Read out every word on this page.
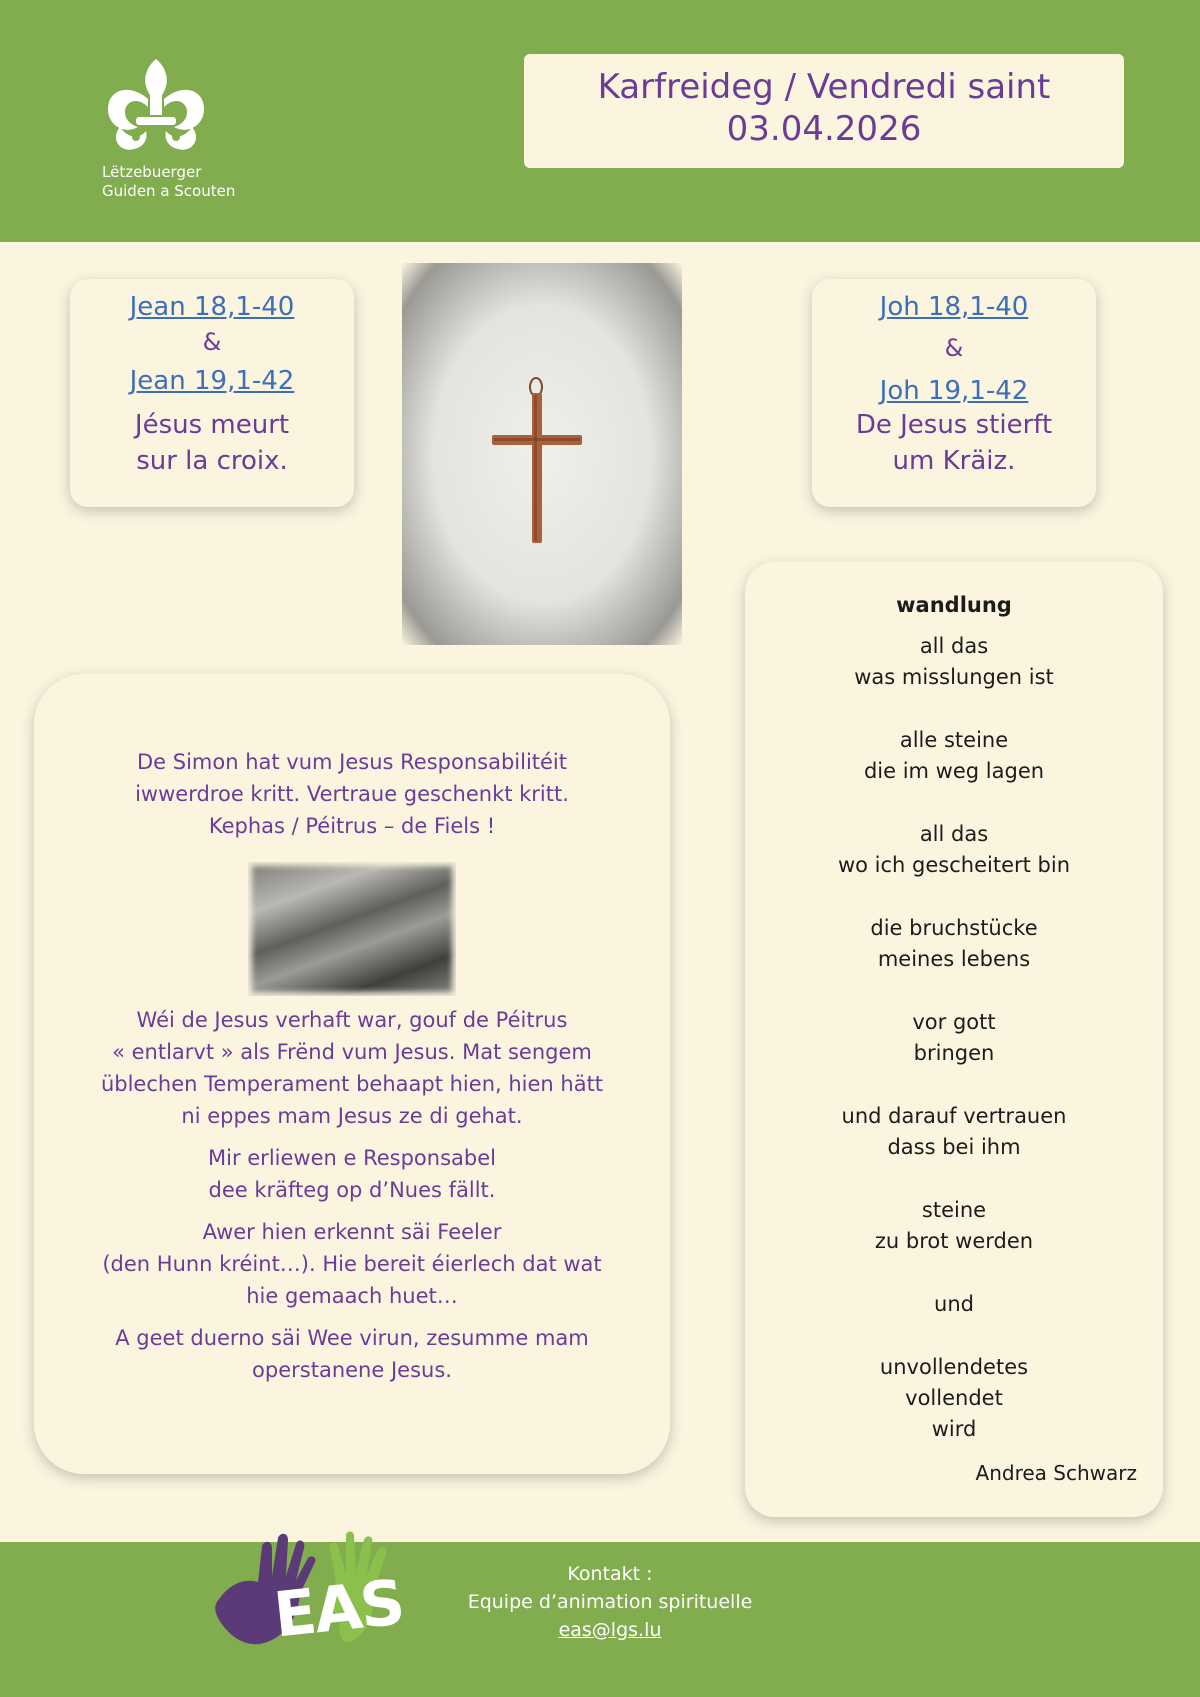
Lëtzebuerger
Guiden a Scouten
Karfreideg / Vendredi saint
03.04.2026
Jean 18,1-40
&
Jean 19,1-42
Jésus meurt
sur la croix.
Joh 18,1-40
&
Joh 19,1-42
De Jesus stierft
um Kräiz.

De Simon hat vum Jesus Responsabilitéit

iwwerdroe kritt. Vertraue geschenkt kritt.

Kephas / Péitrus – de Fiels !

Wéi de Jesus verhaft war, gouf de Péitrus

« entlarvt » als Frënd vum Jesus. Mat sengem

üblechen Temperament behaapt hien, hien hätt

ni eppes mam Jesus ze di gehat.

Mir erliewen e Responsabel

dee kräfteg op d’Nues fällt.

Awer hien erkennt säi Feeler

(den Hunn kréint…). Hie bereit éierlech dat wat

hie gemaach huet…

A geet duerno säi Wee virun, zesumme mam

operstanene Jesus.

wandlung
all das
was misslungen ist
alle steine
die im weg lagen
all das
wo ich gescheitert bin
die bruchstücke
meines lebens
vor gott
bringen
und darauf vertrauen
dass bei ihm
steine
zu brot werden
und
unvollendetes
vollendet
wird
Andrea Schwarz
EAS	Kontakt :
Equipe d’animation spirituelle
eas@lgs.lu
